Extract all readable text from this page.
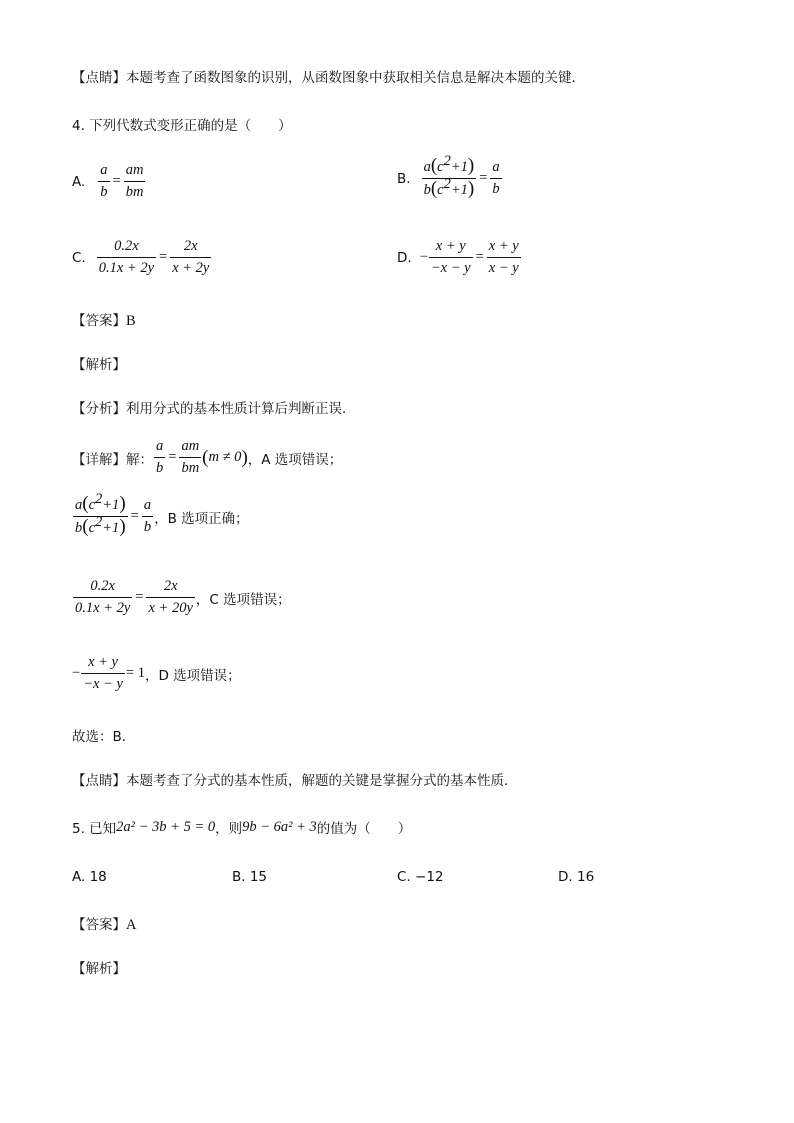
【点睛】本题考查了函数图象的识别，从函数图象中获取相关信息是解决本题的关键．
4. 下列代数式变形正确的是（　　）
A. $\frac{a}{b} = \frac{am}{bm}$	B. $\frac{a(c^2+1)}{b(c^2+1)} = \frac{a}{b}$
C. $\frac{0.2x}{0.1x + 2y} = \frac{2x}{x + 2y}$	D. − $\frac{x + y}{-x - y} = \frac{x + y}{x - y}$
【答案】B
【解析】
【分析】利用分式的基本性质计算后判断正误．
【详解】解： $\frac{a}{b} = \frac{am}{bm}$ ( m ≠ 0 ) ，A 选项错误；
$\frac{a(c^2+1)}{b(c^2+1)} = \frac{a}{b}$ ，B 选项正确；
$\frac{0.2x}{0.1x + 2y} = \frac{2x}{x + 20y}$ ，C 选项错误；
− $\frac{x + y}{-x - y} = 1$ ，D 选项错误；
故选：B．
【点睛】本题考查了分式的基本性质，解题的关键是掌握分式的基本性质．
5. 已知 2a² − 3b + 5 = 0 ，则 9b − 6a² + 3 的值为（　　）
A. 18	B. 15	C. −12	D. 16
【答案】A
【解析】
